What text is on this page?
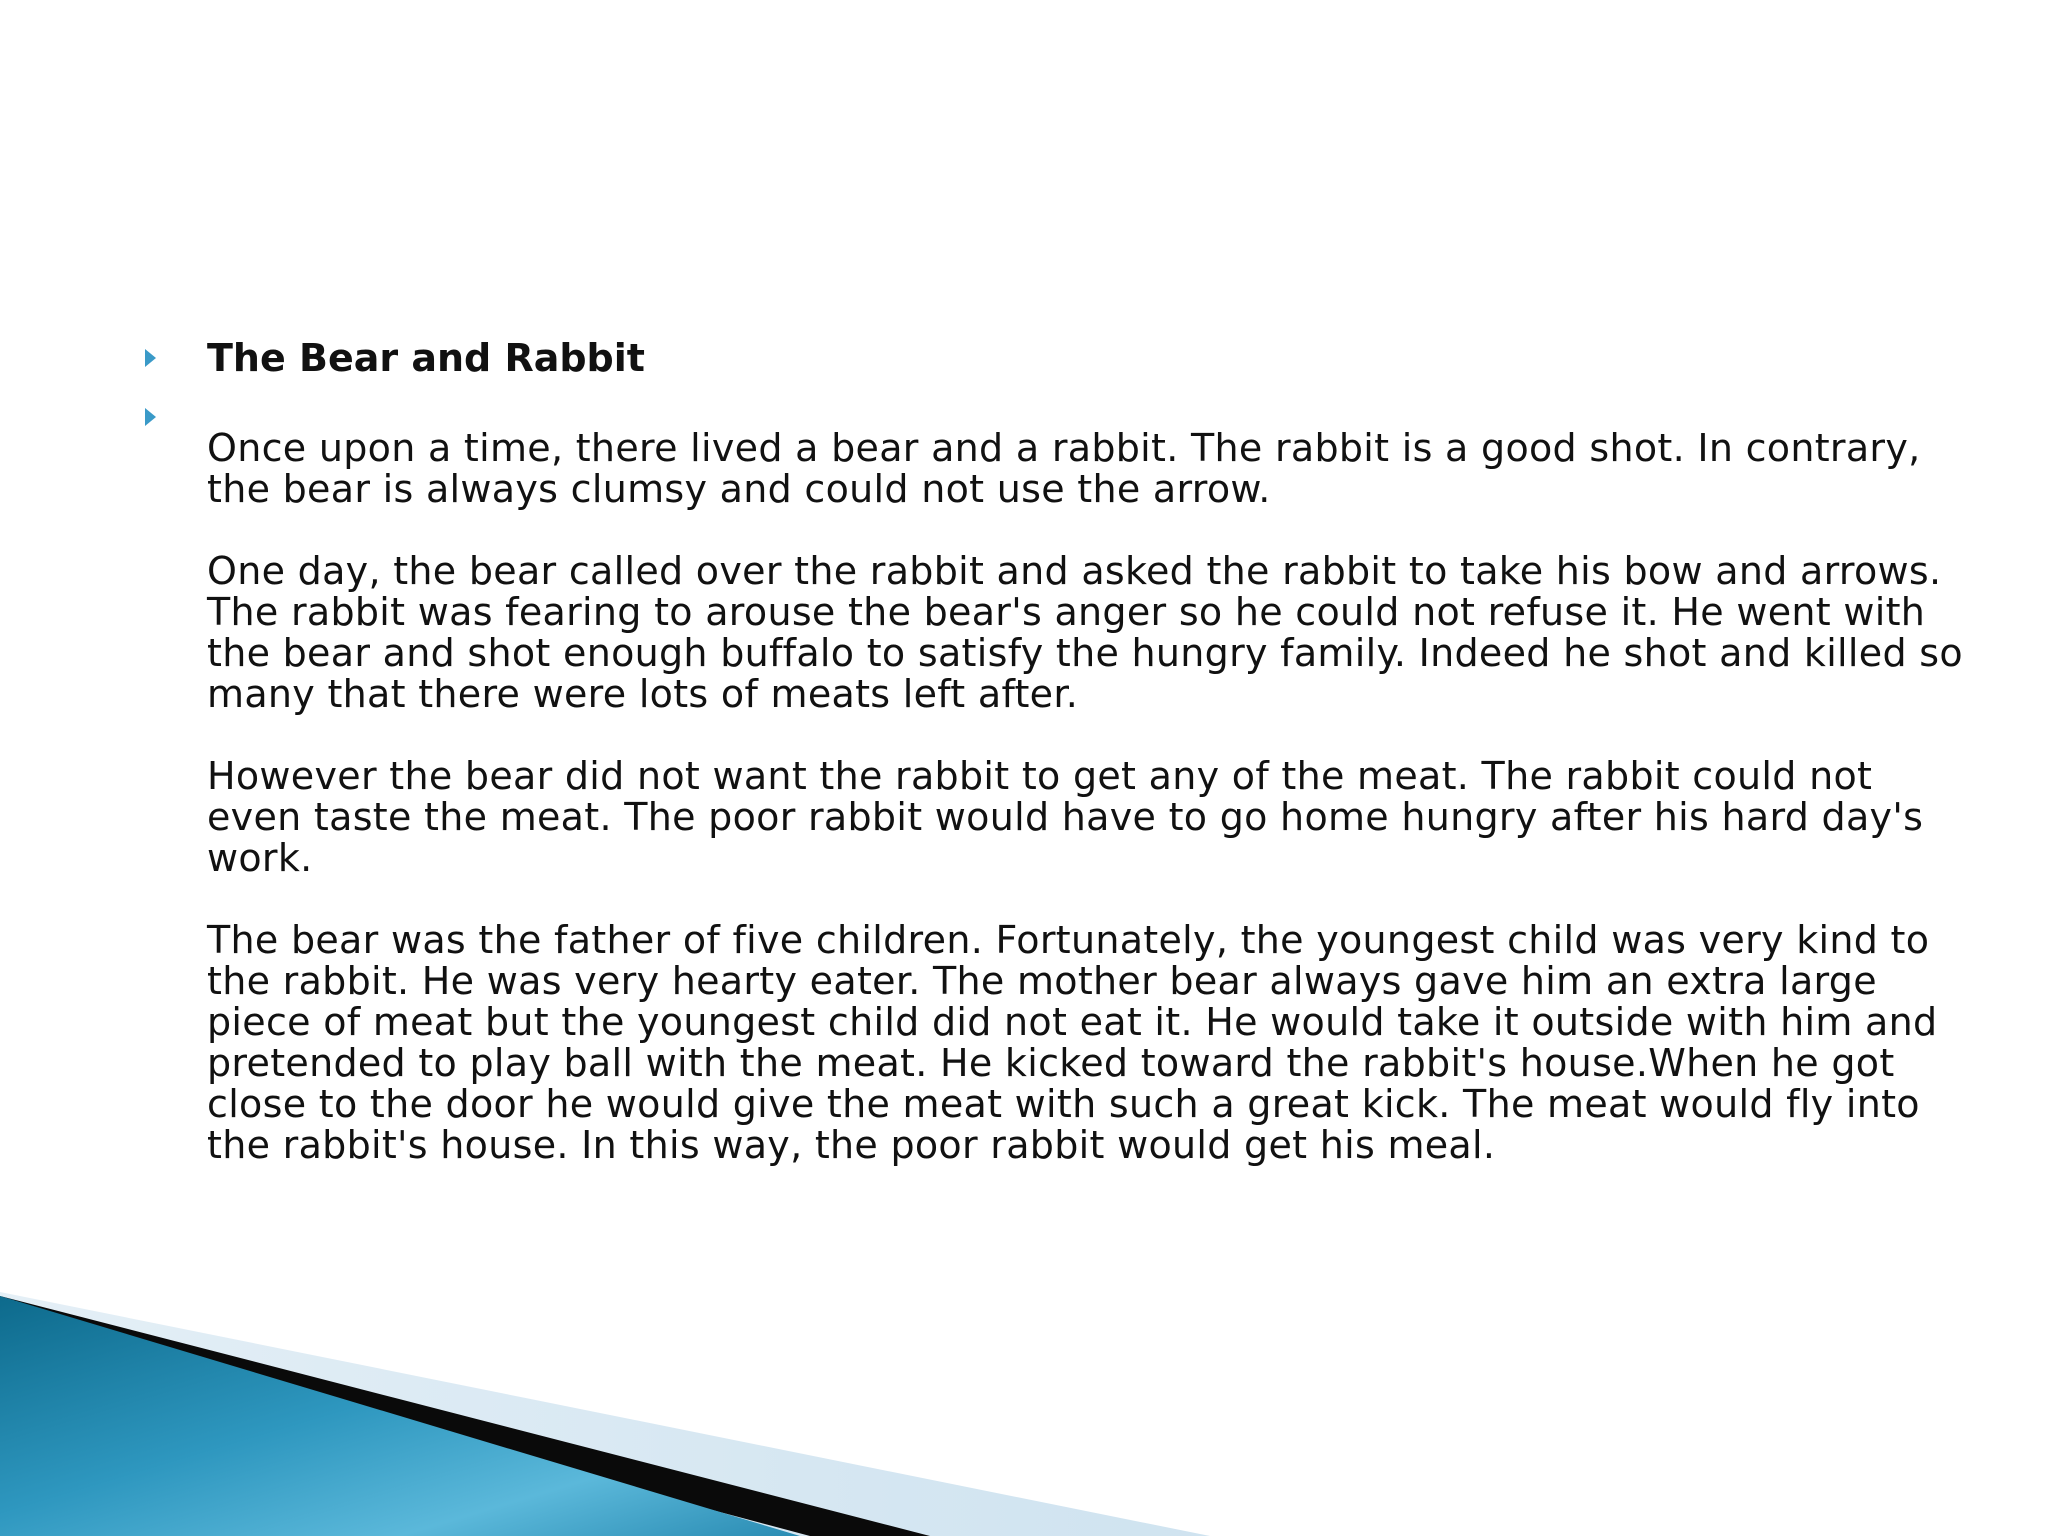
The Bear and Rabbit

Once upon a time, there lived a bear and a rabbit. The rabbit is a good shot. In contrary, the bear is always clumsy and could not use the arrow.

One day, the bear called over the rabbit and asked the rabbit to take his bow and arrows.

The rabbit was fearing to arouse the bear's anger so he could not refuse it. He went with the bear and shot enough buffalo to satisfy the hungry family. Indeed he shot and killed so many that there were lots of meats left after.

However the bear did not want the rabbit to get any of the meat. The rabbit could not even taste the meat. The poor rabbit would have to go home hungry after his hard day's work.

The bear was the father of five children. Fortunately, the youngest child was very kind to the rabbit. He was very hearty eater. The mother bear always gave him an extra large piece of meat but the youngest child did not eat it. He would take it outside with him and pretended to play ball with the meat. He kicked toward the rabbit's house.When he got close to the door he would give the meat with such a great kick. The meat would fly into the rabbit's house. In this way, the poor rabbit would get his meal.
